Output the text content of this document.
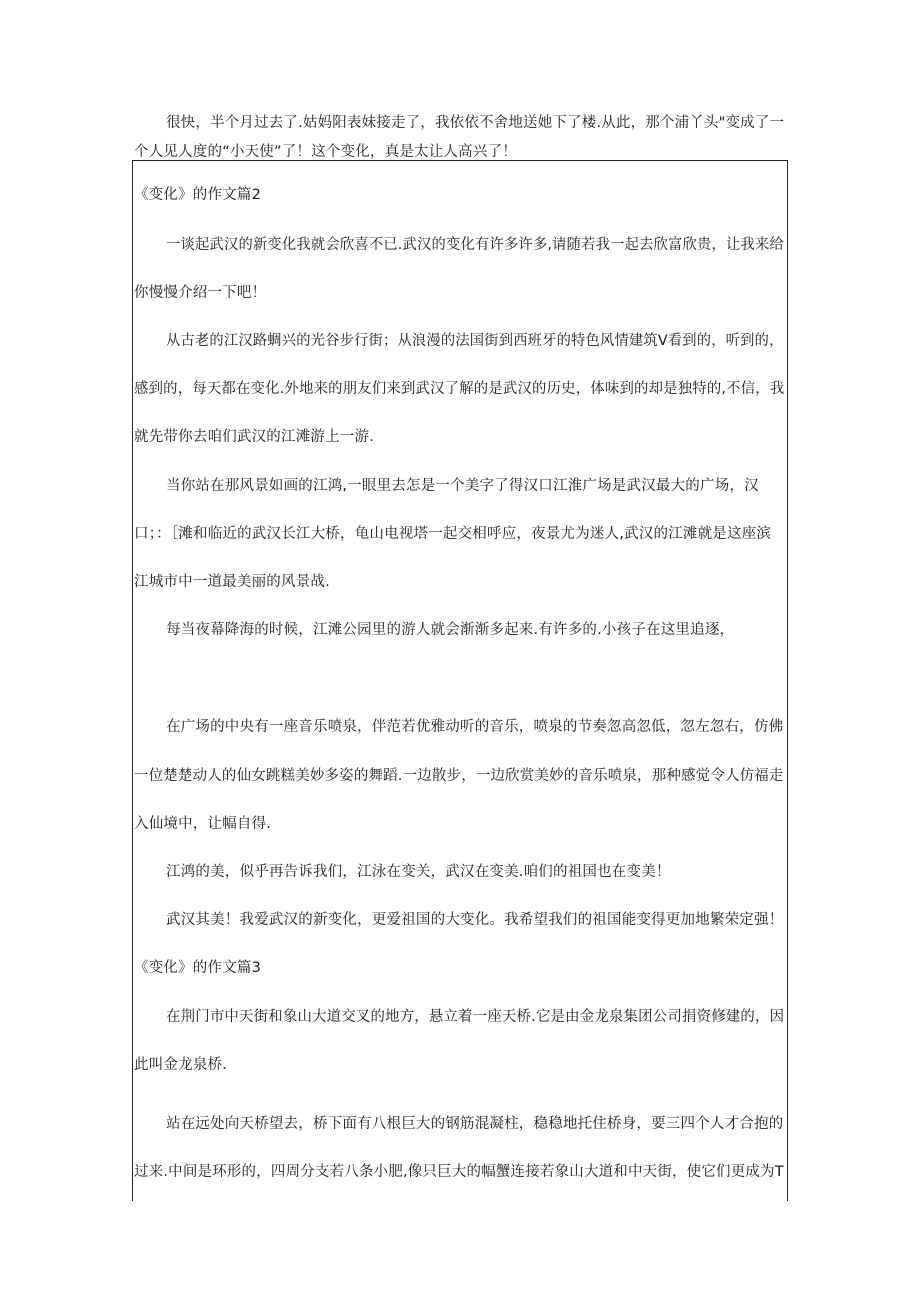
很快，半个月过去了.姑妈阳表妹接走了，我依依不舍地送她下了楼.从此，那个浦丫头"变成了一
个人见人度的“小天使”了！这个变化，真是太让人高兴了！
《变化》的作文篇2
一谈起武汉的新变化我就会欣喜不已.武汉的变化有许多许多,请随若我一起去欣富欣贵，让我来给
你慢慢介绍一下吧！
从古老的江汉路蜩兴的光谷步行街；从浪漫的法国街到西班牙的特色风情建筑V看到的，听到的，
感到的，每天都在变化.外地来的朋友们来到武汉了解的是武汉的历史，体味到的却是独特的,不信，我
就先带你去咱们武汉的江滩游上一游.
当你站在那风景如画的江鸿,一眼里去怎是一个美字了得汉口江淮广场是武汉最大的广场，汉
口；：［滩和临近的武汉长江大桥，龟山电视塔一起交相呼应，夜景尤为迷人,武汉的江滩就是这座滨
江城市中一道最美丽的风景战.
每当夜幕降海的时候，江滩公园里的游人就会渐渐多起来.有许多的.小孩子在这里追逐，
在广场的中央有一座音乐喷泉，伴范若优雅动听的音乐，喷泉的节奏忽高忽低，忽左忽右，仿佛
一位楚楚动人的仙女跳糕美妙多姿的舞蹈.一边散步，一边欣赏美妙的音乐喷泉，那种感觉令人仿福走
入仙境中，让幅自得.
江鸿的美，似乎再告诉我们，江泳在变关，武汉在变美.咱们的祖国也在变美！
武汉其美！我爱武汉的新变化，更爱祖国的大变化。我希望我们的祖国能变得更加地繁荣定强！
《变化》的作文篇3
在荆门市中天街和象山大道交叉的地方，悬立着一座天桥.它是由金龙泉集团公司捐资修建的，因
此叫金龙泉桥.
站在远处向天桥望去，桥下面有八根巨大的钢筋混凝柱，稳稳地托住桥身，要三四个人才合抱的
过来.中间是环形的，四周分支若八条小肥,像只巨大的幅蟹连接若象山大道和中天街，使它们更成为T
